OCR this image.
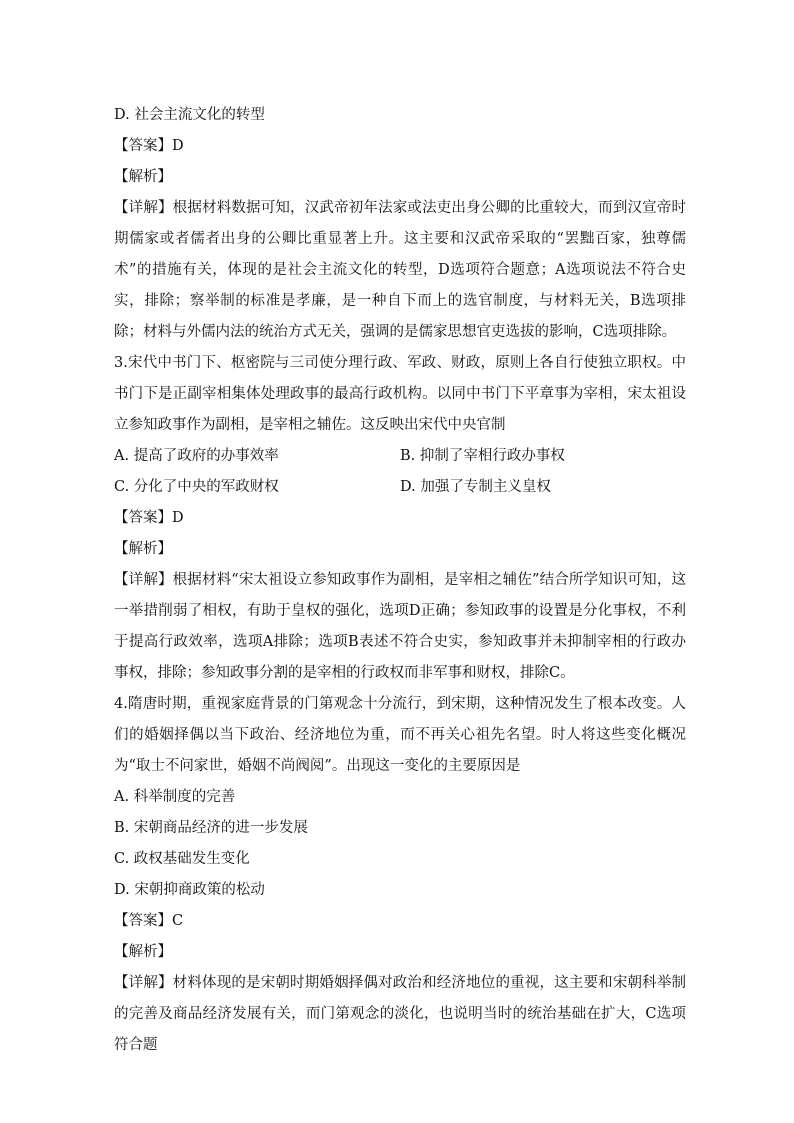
D. 社会主流文化的转型
【答案】D
【解析】
【详解】根据材料数据可知，汉武帝初年法家或法吏出身公卿的比重较大，而到汉宣帝时期儒家或者儒者出身的公卿比重显著上升。这主要和汉武帝采取的“罢黜百家，独尊儒术”的措施有关，体现的是社会主流文化的转型，D选项符合题意；A选项说法不符合史实，排除；察举制的标准是孝廉，是一种自下而上的选官制度，与材料无关，B选项排除；材料与外儒内法的统治方式无关，强调的是儒家思想官吏选拔的影响，C选项排除。
3.宋代中书门下、枢密院与三司使分理行政、军政、财政，原则上各自行使独立职权。中书门下是正副宰相集体处理政事的最高行政机构。以同中书门下平章事为宰相，宋太祖设立参知政事作为副相，是宰相之辅佐。这反映出宋代中央官制
A. 提高了政府的办事效率	B. 抑制了宰相行政办事权
C. 分化了中央的军政财权	D. 加强了专制主义皇权
【答案】D
【解析】
【详解】根据材料“宋太祖设立参知政事作为副相，是宰相之辅佐”结合所学知识可知，这一举措削弱了相权，有助于皇权的强化，选项D正确；参知政事的设置是分化事权，不利于提高行政效率，选项A排除；选项B表述不符合史实，参知政事并未抑制宰相的行政办事权，排除；参知政事分割的是宰相的行政权而非军事和财权，排除C。
4.隋唐时期，重视家庭背景的门第观念十分流行，到宋期，这种情况发生了根本改变。人们的婚姻择偶以当下政治、经济地位为重，而不再关心祖先名望。时人将这些变化概况为“取士不问家世，婚姻不尚阀阅”。出现这一变化的主要原因是
A. 科举制度的完善
B. 宋朝商品经济的进一步发展
C. 政权基础发生变化
D. 宋朝抑商政策的松动
【答案】C
【解析】
【详解】材料体现的是宋朝时期婚姻择偶对政治和经济地位的重视，这主要和宋朝科举制的完善及商品经济发展有关，而门第观念的淡化，也说明当时的统治基础在扩大，C选项符合题
